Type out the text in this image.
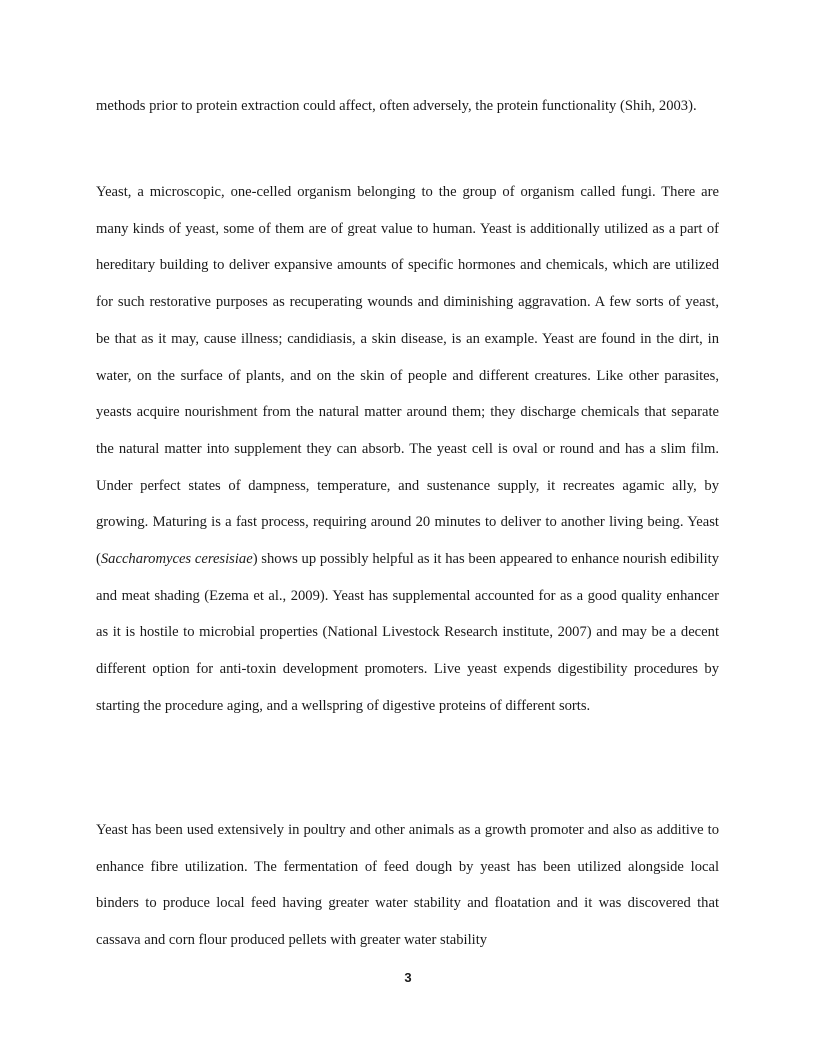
methods prior to protein extraction could affect, often adversely, the protein functionality (Shih, 2003).

Yeast, a microscopic, one-celled organism belonging to the group of organism called fungi. There are many kinds of yeast, some of them are of great value to human. Yeast is additionally utilized as a part of hereditary building to deliver expansive amounts of specific hormones and chemicals, which are utilized for such restorative purposes as recuperating wounds and diminishing aggravation. A few sorts of yeast, be that as it may, cause illness; candidiasis, a skin disease, is an example. Yeast are found in the dirt, in water, on the surface of plants, and on the skin of people and different creatures. Like other parasites, yeasts acquire nourishment from the natural matter around them; they discharge chemicals that separate the natural matter into supplement they can absorb. The yeast cell is oval or round and has a slim film. Under perfect states of dampness, temperature, and sustenance supply, it recreates agamic ally, by growing. Maturing is a fast process, requiring around 20 minutes to deliver to another living being. Yeast (Saccharomyces ceresisiae) shows up possibly helpful as it has been appeared to enhance nourish edibility and meat shading (Ezema et al., 2009). Yeast has supplemental accounted for as a good quality enhancer as it is hostile to microbial properties (National Livestock Research institute, 2007) and may be a decent different option for anti-toxin development promoters. Live yeast expends digestibility procedures by starting the procedure aging, and a wellspring of digestive proteins of different sorts.

Yeast has been used extensively in poultry and other animals as a growth promoter and also as additive to enhance fibre utilization. The fermentation of feed dough by yeast has been utilized alongside local binders to produce local feed having greater water stability and floatation and it was discovered that cassava and corn flour produced pellets with greater water stability

3
